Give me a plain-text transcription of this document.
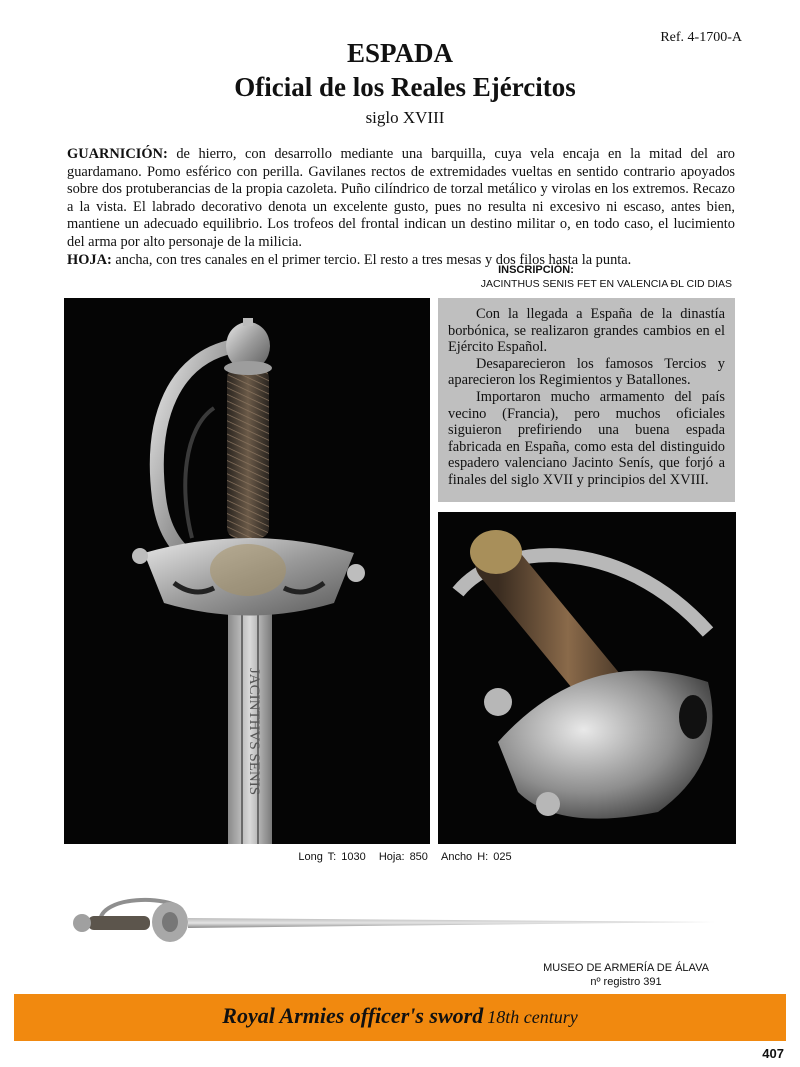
Ref. 4-1700-A
ESPADA
Oficial de los Reales Ejércitos
siglo XVIII
GUARNICIÓN: de hierro, con desarrollo mediante una barquilla, cuya vela encaja en la mitad del aro guardamano. Pomo esférico con perilla. Gavilanes rectos de extremidades vueltas en sentido contrario apoyados sobre dos protuberancias de la propia cazoleta. Puño cilíndrico de torzal metálico y virolas en los extremos. Recazo a la vista. El labrado decorativo denota un excelente gusto, pues no resulta ni excesivo ni escaso, antes bien, mantiene un adecuado equilibrio. Los trofeos del frontal indican un destino militar o, en todo caso, el lucimiento del arma por alto personaje de la milicia.
HOJA: ancha, con tres canales en el primer tercio. El resto a tres mesas y dos filos hasta la punta.
INSCRIPCIÓN:
JACINTHUS SENIS FET EN VALENCIA ÐL CID DIAS
JACINTHVS SENIS

Con la llegada a España de la dinastía borbónica, se realizaron grandes cambios en el Ejército Español.

Desaparecieron los famosos Tercios y aparecieron los Regimientos y Batallones.

Importaron mucho armamento del país vecino (Francia), pero muchos oficiales siguieron prefiriendo una buena espada fabricada en España, como esta del distinguido espadero valenciano Jacinto Senís, que forjó a finales del siglo XVII y principios del XVIII.

Long T: 1030 Hoja: 850 Ancho H: 025
MUSEO DE ARMERÍA DE ÁLAVA
nº registro 391
Royal Armies officer's sword 18th century
407
